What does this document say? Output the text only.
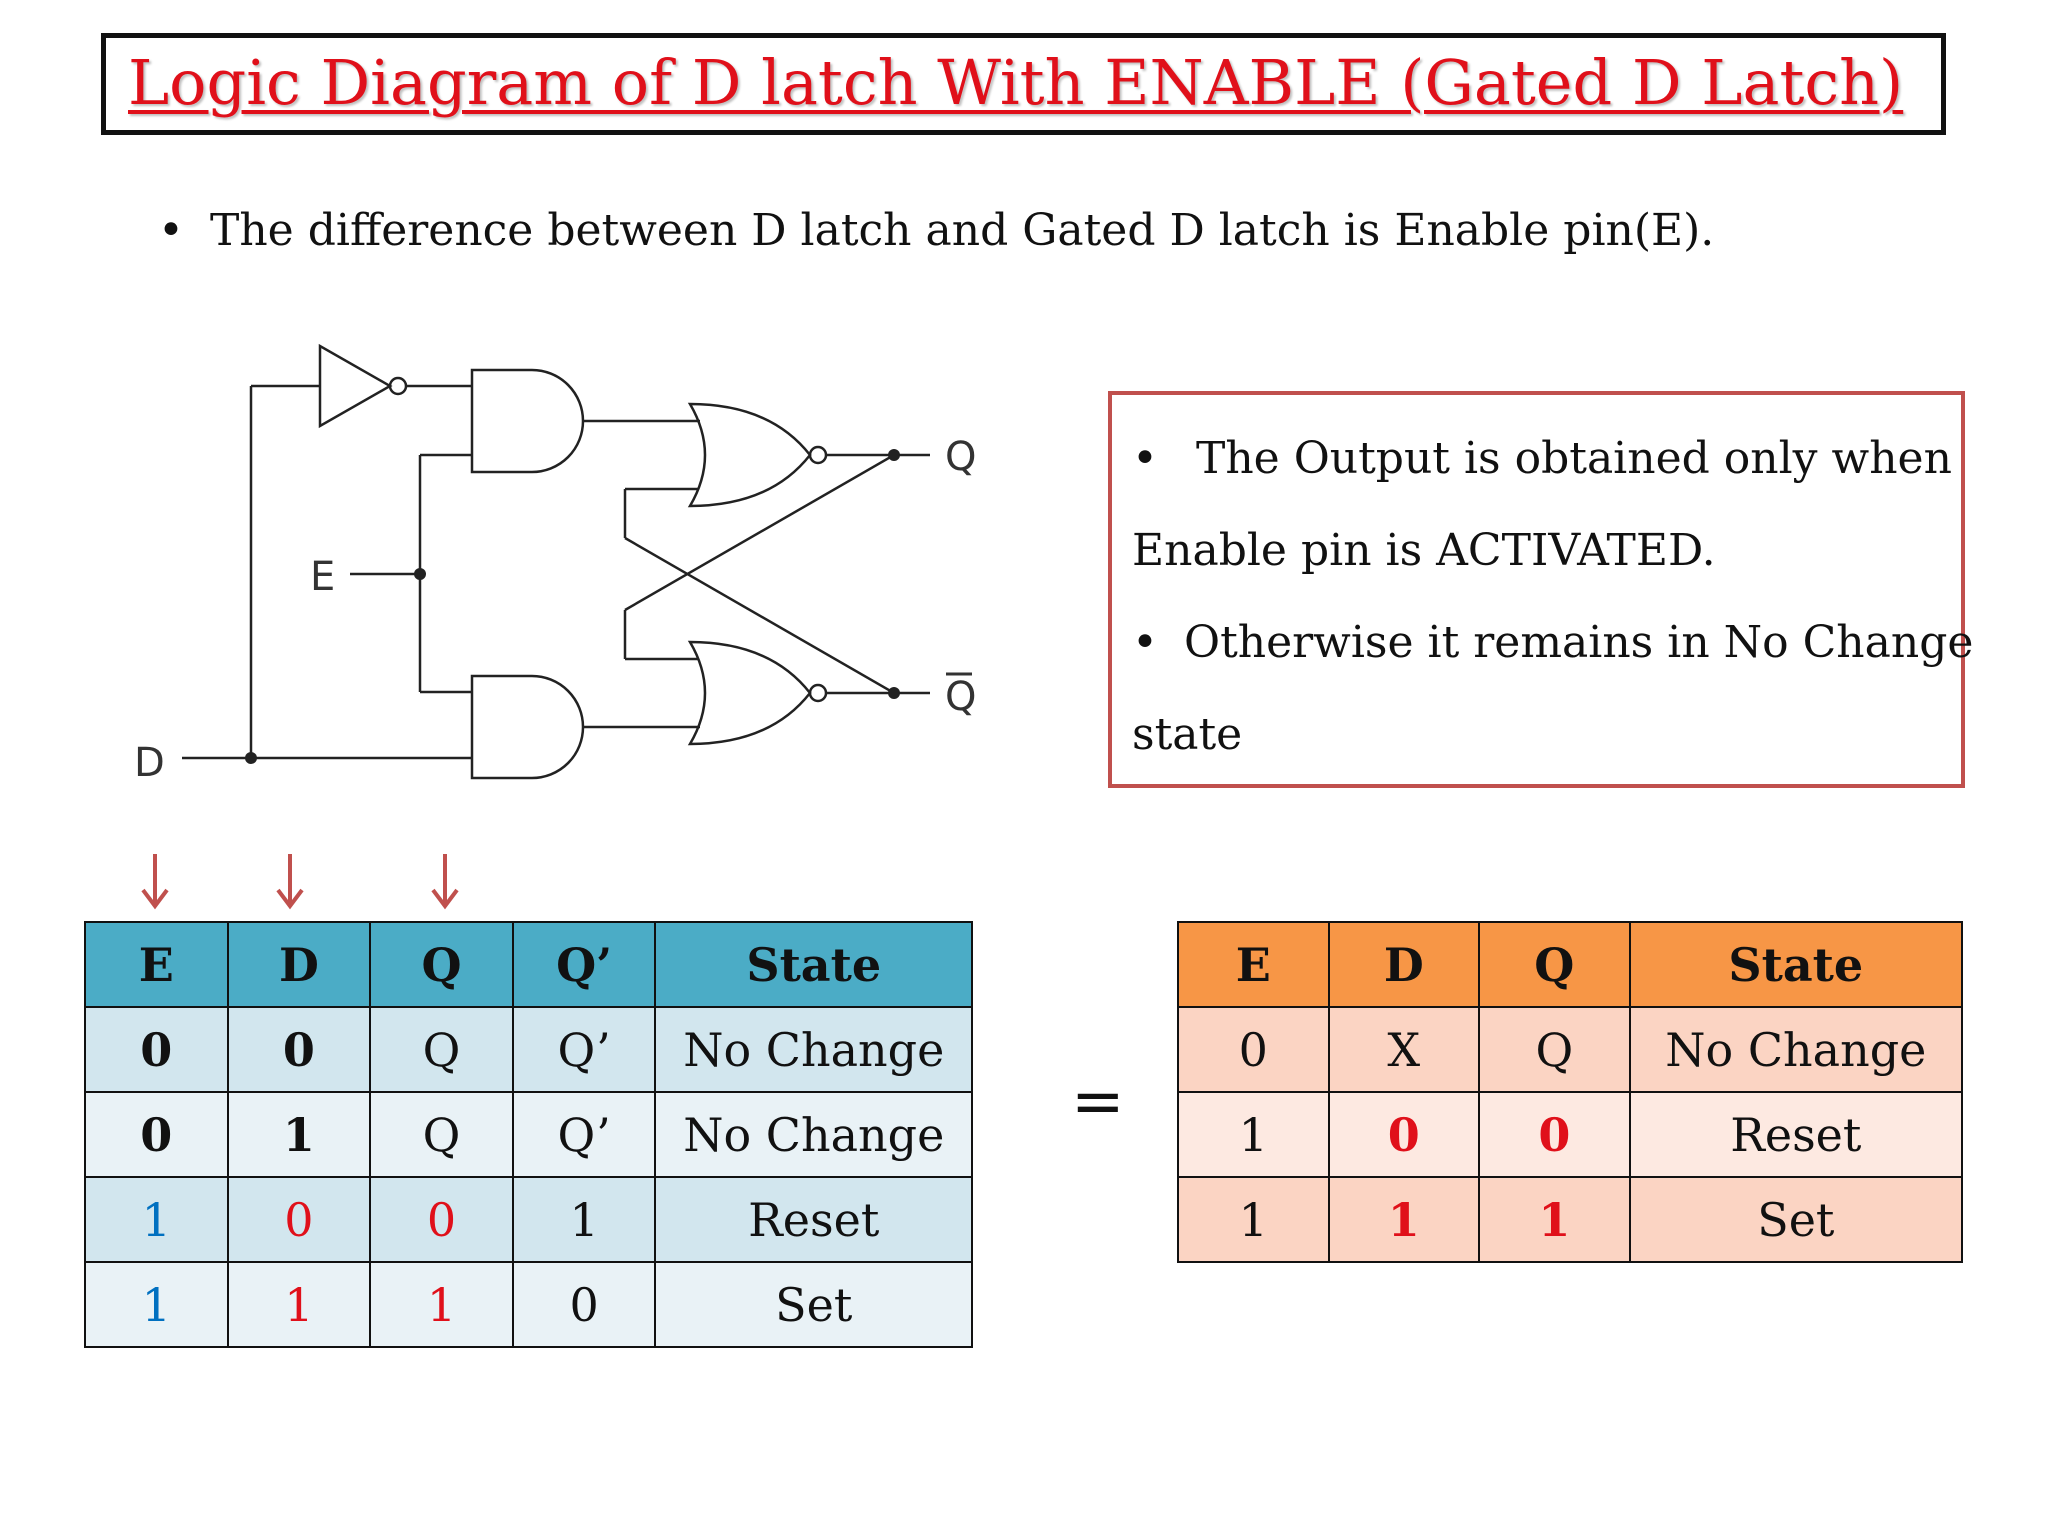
Logic Diagram of D latch With ENABLE (Gated D Latch)
• The difference between D latch and Gated D latch is Enable pin(E).
D
E
Q
Q
• The Output is obtained only when
Enable pin is ACTIVATED.
• Otherwise it remains in No Change
state
E	D	Q	Q’	State
0	0	Q	Q’	No Change
0	1	Q	Q’	No Change
1	0	0	1	Reset
1	1	1	0	Set
=
E	D	Q	State
0	X	Q	No Change
1	0	0	Reset
1	1	1	Set
